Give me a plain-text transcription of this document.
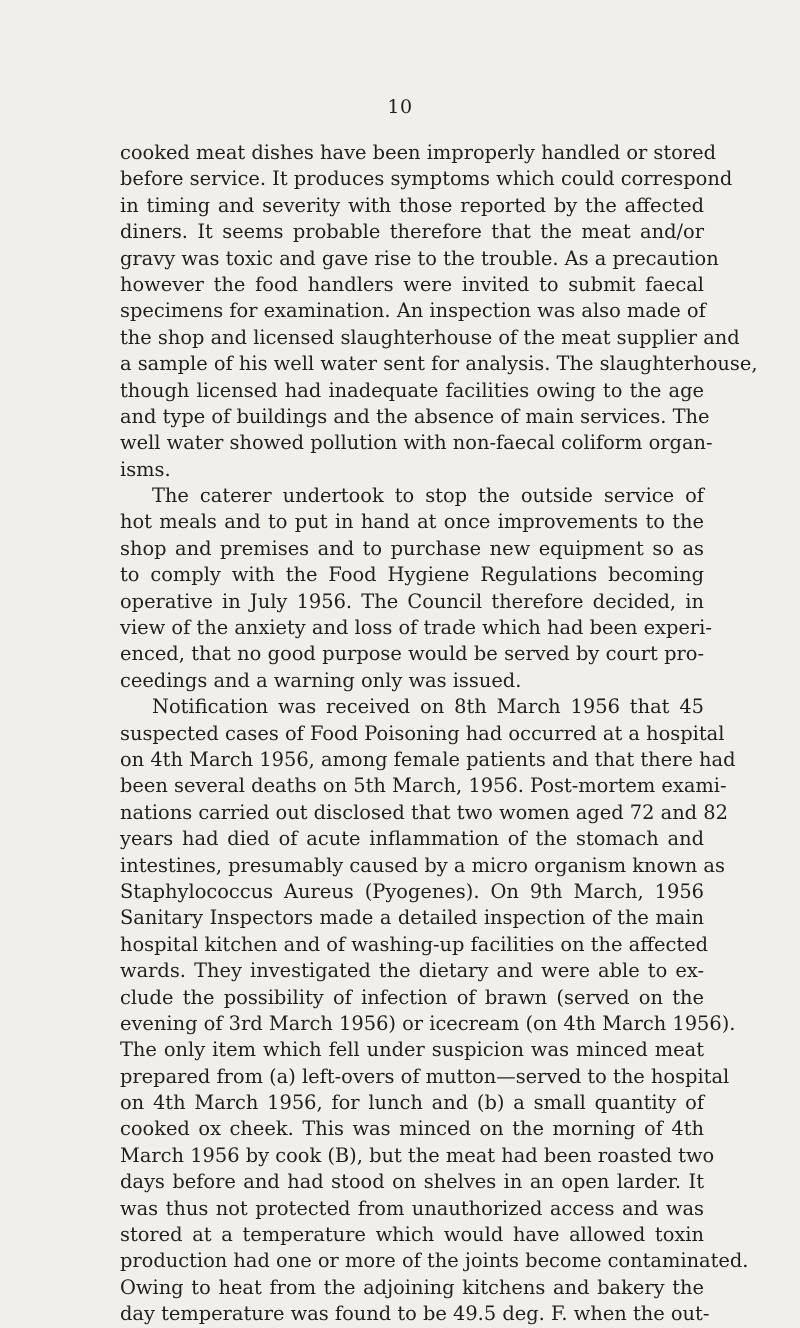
10
cooked meat dishes have been improperly handled or stored
before service. It produces symptoms which could correspond
in timing and severity with those reported by the affected
diners. It seems probable therefore that the meat and/or
gravy was toxic and gave rise to the trouble. As a precaution
however the food handlers were invited to submit faecal
specimens for examination. An inspection was also made of
the shop and licensed slaughterhouse of the meat supplier and
a sample of his well water sent for analysis. The slaughterhouse,
though licensed had inadequate facilities owing to the age
and type of buildings and the absence of main services. The
well water showed pollution with non-faecal coliform organ-
isms.
The caterer undertook to stop the outside service of
hot meals and to put in hand at once improvements to the
shop and premises and to purchase new equipment so as
to comply with the Food Hygiene Regulations becoming
operative in July 1956. The Council therefore decided, in
view of the anxiety and loss of trade which had been experi-
enced, that no good purpose would be served by court pro-
ceedings and a warning only was issued.
Notification was received on 8th March 1956 that 45
suspected cases of Food Poisoning had occurred at a hospital
on 4th March 1956, among female patients and that there had
been several deaths on 5th March, 1956. Post-mortem exami-
nations carried out disclosed that two women aged 72 and 82
years had died of acute inflammation of the stomach and
intestines, presumably caused by a micro organism known as
Staphylococcus Aureus (Pyogenes). On 9th March, 1956
Sanitary Inspectors made a detailed inspection of the main
hospital kitchen and of washing-up facilities on the affected
wards. They investigated the dietary and were able to ex-
clude the possibility of infection of brawn (served on the
evening of 3rd March 1956) or icecream (on 4th March 1956).
The only item which fell under suspicion was minced meat
prepared from (a) left-overs of mutton—served to the hospital
on 4th March 1956, for lunch and (b) a small quantity of
cooked ox cheek. This was minced on the morning of 4th
March 1956 by cook (B), but the meat had been roasted two
days before and had stood on shelves in an open larder. It
was thus not protected from unauthorized access and was
stored at a temperature which would have allowed toxin
production had one or more of the joints become contaminated.
Owing to heat from the adjoining kitchens and bakery the
day temperature was found to be 49.5 deg. F. when the out-
